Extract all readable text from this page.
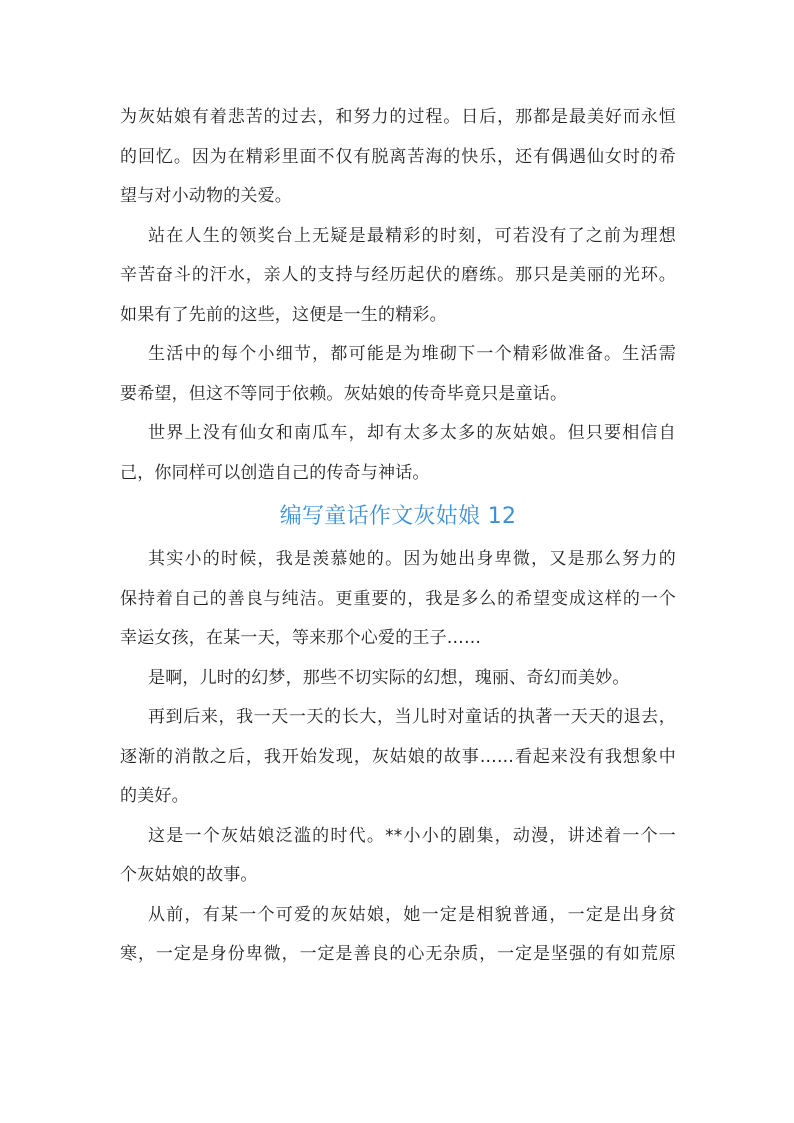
为灰姑娘有着悲苦的过去，和努力的过程。日后，那都是最美好而永恒
的回忆。因为在精彩里面不仅有脱离苦海的快乐，还有偶遇仙女时的希
望与对小动物的关爱。
站在人生的领奖台上无疑是最精彩的时刻，可若没有了之前为理想
辛苦奋斗的汗水，亲人的支持与经历起伏的磨练。那只是美丽的光环。
如果有了先前的这些，这便是一生的精彩。
生活中的每个小细节，都可能是为堆砌下一个精彩做准备。生活需
要希望，但这不等同于依赖。灰姑娘的传奇毕竟只是童话。
世界上没有仙女和南瓜车，却有太多太多的灰姑娘。但只要相信自
己，你同样可以创造自己的传奇与神话。
编写童话作文灰姑娘 12
其实小的时候，我是羡慕她的。因为她出身卑微，又是那么努力的
保持着自己的善良与纯洁。更重要的，我是多么的希望变成这样的一个
幸运女孩，在某一天，等来那个心爱的王子……
是啊，儿时的幻梦，那些不切实际的幻想，瑰丽、奇幻而美妙。
再到后来，我一天一天的长大，当儿时对童话的执著一天天的退去，
逐渐的消散之后，我开始发现，灰姑娘的故事……看起来没有我想象中
的美好。
这是一个灰姑娘泛滥的时代。**小小的剧集，动漫，讲述着一个一
个灰姑娘的故事。
从前，有某一个可爱的灰姑娘，她一定是相貌普通，一定是出身贫
寒，一定是身份卑微，一定是善良的心无杂质，一定是坚强的有如荒原
